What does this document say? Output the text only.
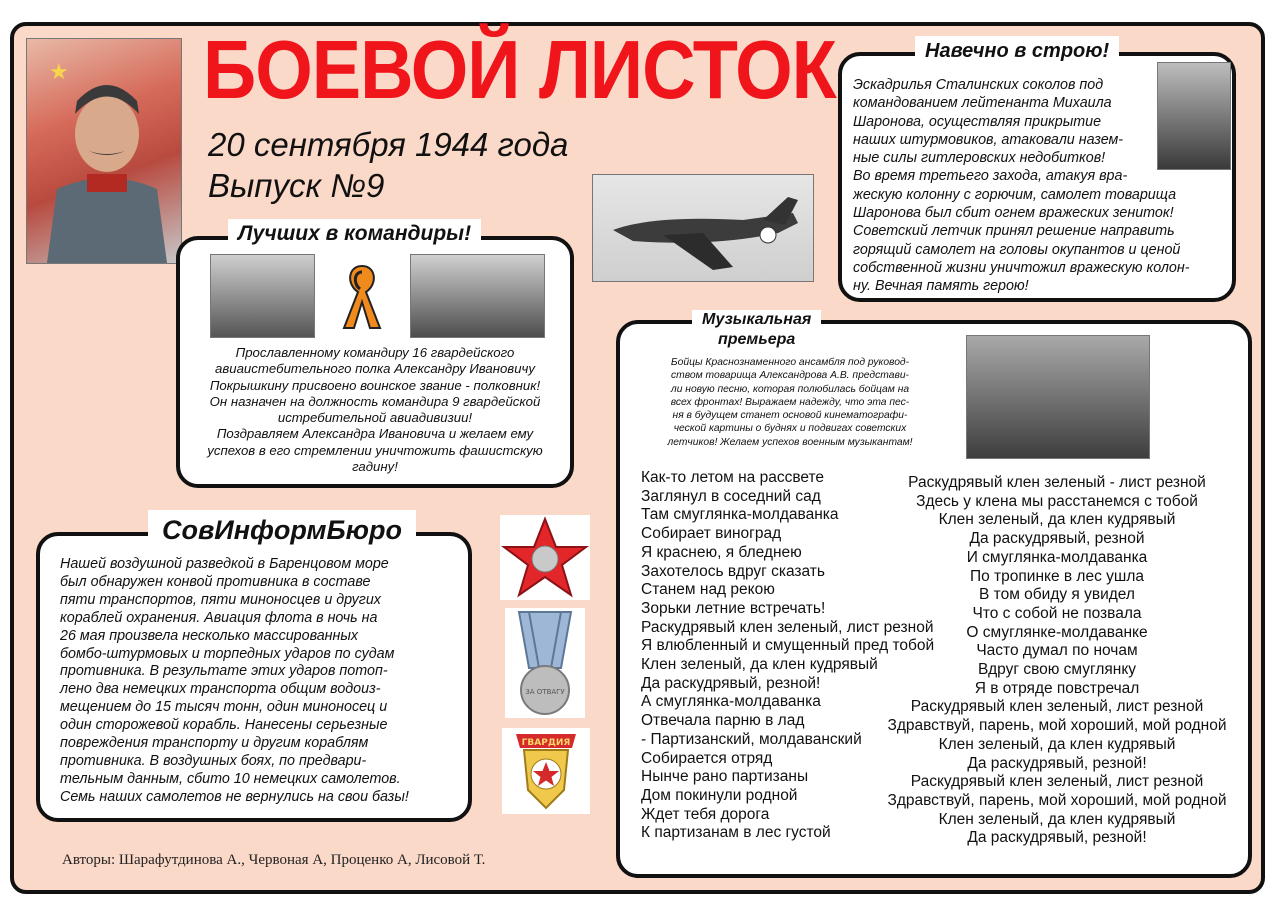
★ БОЕВОЙ ЛИСТОК
20 сентября 1944 года
Выпуск №9
Лучших в командиры!
Прославленному командиру 16 гвардейского
авиаистебительного полка Александру Ивановичу
Покрышкину присвоено воинское звание - полковник!
Он назначен на должность командира 9 гвардейской
истребительной авиадивизии!
Поздравляем Александра Ивановича и желаем ему
успехов в его стремлении уничтожить фашистскую
гадину!
Навечно в строю!
Эскадрилья Сталинских соколов под
командованием лейтенанта Михаила
Шаронова, осуществляя прикрытие
наших штурмовиков, атаковали назем-
ные силы гитлеровских недобитков!
Во время третьего захода, атакуя вра-
жескую колонну с горючим, самолет товарища
Шаронова был сбит огнем вражеских зениток!
Советский летчик принял решение направить
горящий самолет на головы окупантов и ценой
собственной жизни уничтожил вражескую колон-
ну. Вечная память герою!
Музыкальная
премьера
Бойцы Краснознаменного ансамбля под руковод-
ством товарища Александрова А.В. представи-
ли новую песню, которая полюбилась бойцам на
всех фронтах! Выражаем надежду, что эта пес-
ня в будущем станет основой кинематографи-
ческой картины о буднях и подвигах советских
летчиков! Желаем успехов военным музыкантам!
Как-то летом на рассвете
Заглянул в соседний сад
Там смуглянка-молдаванка
Собирает виноград
Я краснею, я бледнею
Захотелось вдруг сказать
Станем над рекою
Зорьки летние встречать!
Раскудрявый клен зеленый, лист резной
Я влюбленный и смущенный пред тобой
Клен зеленый, да клен кудрявый
Да раскудрявый, резной!
А смуглянка-молдаванка
Отвечала парню в лад
- Партизанский, молдаванский
Собирается отряд
Нынче рано партизаны
Дом покинули родной
Ждет тебя дорога
К партизанам в лес густой
Раскудрявый клен зеленый - лист резной
Здесь у клена мы расстанемся с тобой
Клен зеленый, да клен кудрявый
Да раскудрявый, резной
И смуглянка-молдаванка
По тропинке в лес ушла
В том обиду я увидел
Что с собой не позвала
О смуглянке-молдаванке
Часто думал по ночам
Вдруг свою смуглянку
Я в отряде повстречал
Раскудрявый клен зеленый, лист резной
Здравствуй, парень, мой хороший, мой родной
Клен зеленый, да клен кудрявый
Да раскудрявый, резной!
Раскудрявый клен зеленый, лист резной
Здравствуй, парень, мой хороший, мой родной
Клен зеленый, да клен кудрявый
Да раскудрявый, резной!
СовИнформБюро
Нашей воздушной разведкой в Баренцовом море
был обнаружен конвой противника в составе
пяти транспортов, пяти миноносцев и других
кораблей охранения. Авиация флота в ночь на
26 мая произвела несколько массированных
бомбо-штурмовых и торпедных ударов по судам
противника. В результате этих ударов потоп-
лено два немецких транспорта общим водоиз-
мещением до 15 тысяч тонн, один миноносец и
один сторожевой корабль. Нанесены серьезные
повреждения транспорту и другим кораблям
противника. В воздушных боях, по предвари-
тельным данным, сбито 10 немецких самолетов.
Семь наших самолетов не вернулись на свои базы!
ЗА ОТВАГУ
ГВАРДИЯ
Авторы: Шарафутдинова А., Червоная А, Проценко А, Лисовой Т.
